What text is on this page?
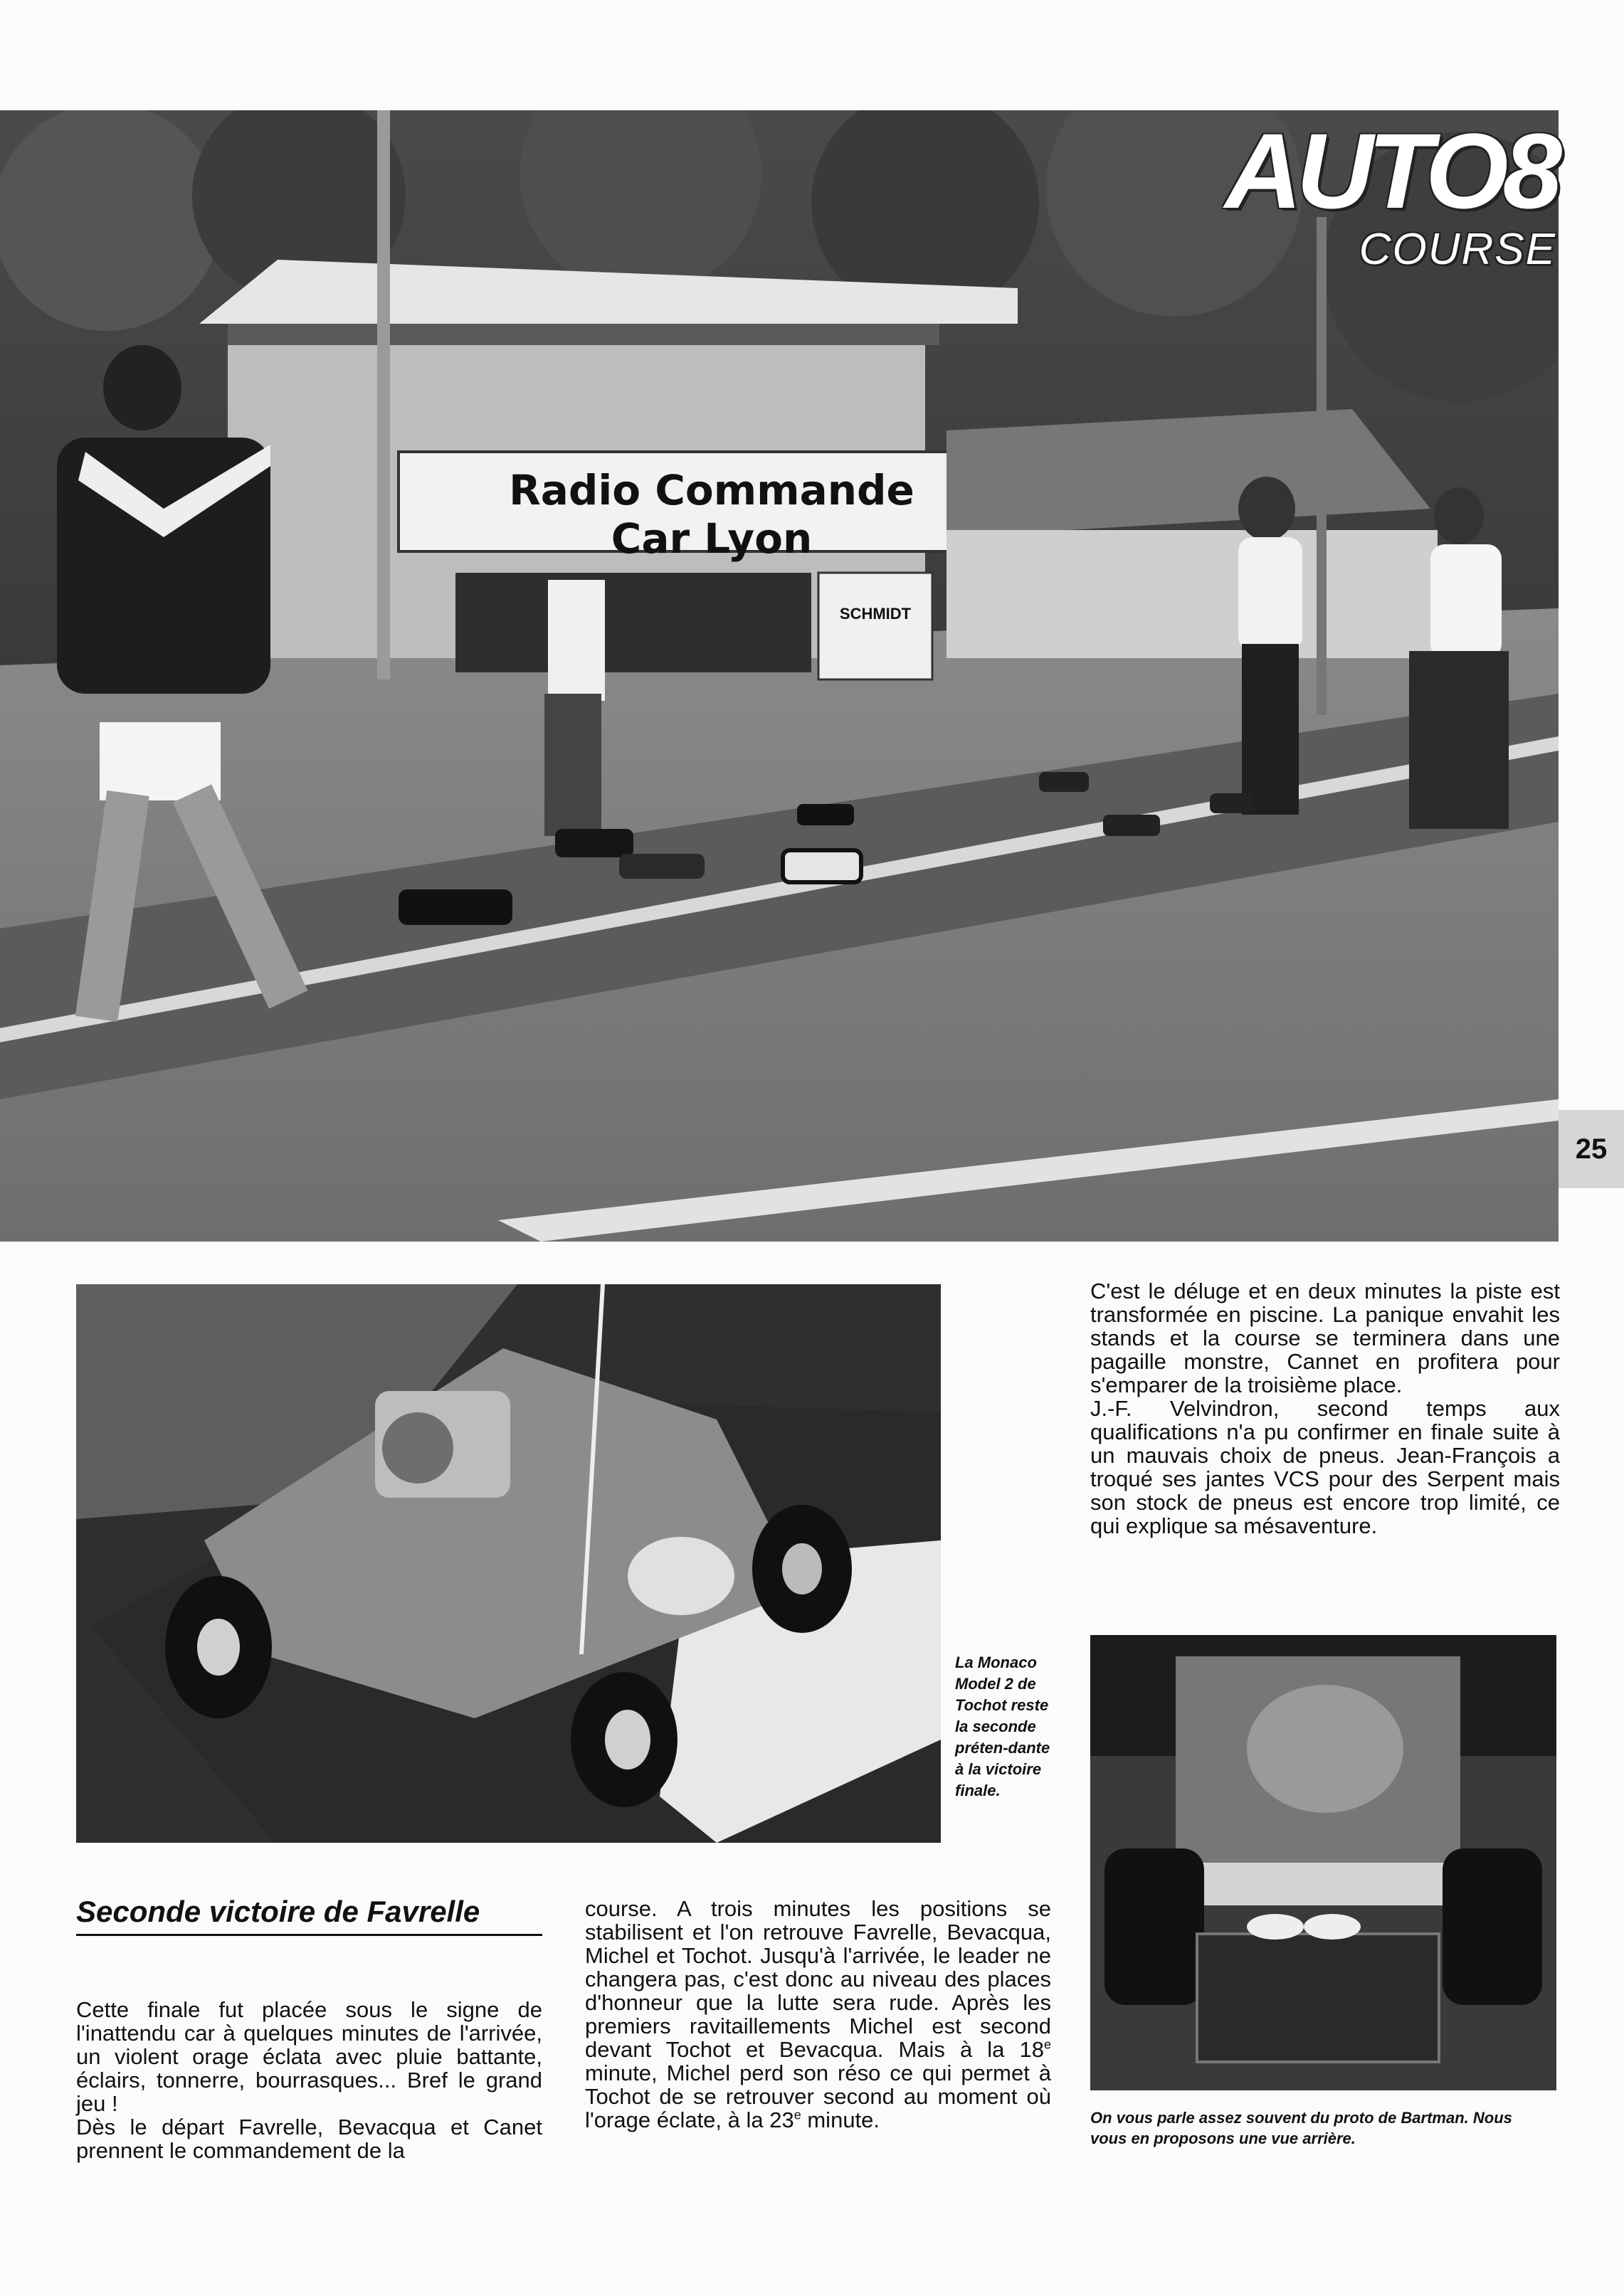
Radio Commande Car Lyon
SCHMIDT
AUTO8
COURSE
25
La Monaco Model 2 de Tochot reste la seconde préten-dante à la victoire finale.
On vous parle assez souvent du proto de Bartman. Nous vous en proposons une vue arrière.
C'est le déluge et en deux minutes la piste est transformée en piscine. La panique envahit les stands et la course se terminera dans une pagaille monstre, Cannet en profitera pour s'emparer de la troisième place.
J.-F. Velvindron, second temps aux qualifications n'a pu confirmer en finale suite à un mauvais choix de pneus. Jean-François a troqué ses jantes VCS pour des Serpent mais son stock de pneus est encore trop limité, ce qui explique sa mésaventure.
Seconde victoire de Favrelle
Cette finale fut placée sous le signe de l'inattendu car à quelques minutes de l'arrivée, un violent orage éclata avec pluie battante, éclairs, tonnerre, bourrasques... Bref le grand jeu !
Dès le départ Favrelle, Bevacqua et Canet prennent le commandement de la
course. A trois minutes les positions se stabilisent et l'on retrouve Favrelle, Bevacqua, Michel et Tochot. Jusqu'à l'arrivée, le leader ne changera pas, c'est donc au niveau des places d'honneur que la lutte sera rude. Après les premiers ravitaillements Michel est second devant Tochot et Bevacqua. Mais à la 18e minute, Michel perd son réso ce qui permet à Tochot de se retrouver second au moment où l'orage éclate, à la 23e minute.
